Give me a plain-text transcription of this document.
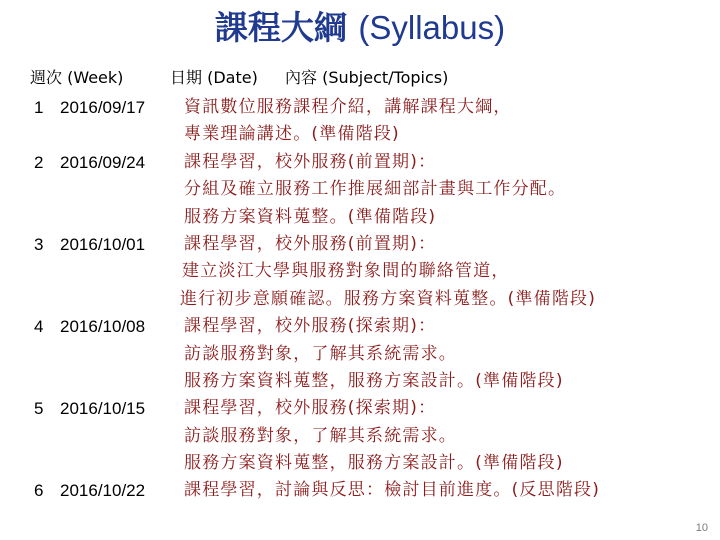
課程大綱 (Syllabus)
週次 (Week)	日期 (Date) 內容 (Subject/Topics)
1 2016/09/17 資訊數位服務課程介紹，講解課程大綱，
專業理論講述。(準備階段)
2 2016/09/24 課程學習，校外服務(前置期)：
分組及確立服務工作推展細部計畫與工作分配。
服務方案資料蒐整。(準備階段)
3 2016/10/01 課程學習，校外服務(前置期)：
建立淡江大學與服務對象間的聯絡管道，
進行初步意願確認。服務方案資料蒐整。(準備階段)
4 2016/10/08 課程學習，校外服務(探索期)：
訪談服務對象，了解其系統需求。
服務方案資料蒐整，服務方案設計。(準備階段)
5 2016/10/15 課程學習，校外服務(探索期)：
訪談服務對象，了解其系統需求。
服務方案資料蒐整，服務方案設計。(準備階段)
6 2016/10/22 課程學習，討論與反思：檢討目前進度。(反思階段)
10
